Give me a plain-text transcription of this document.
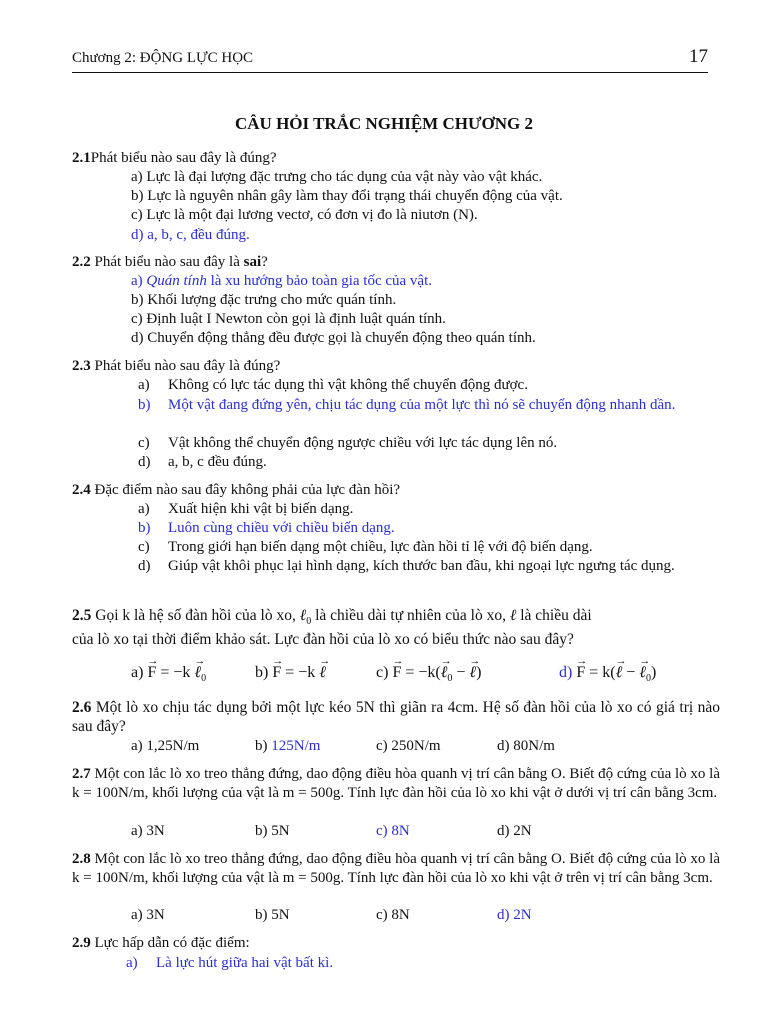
Chương 2: ĐỘNG LỰC HỌC	17
CÂU HỎI TRẮC NGHIỆM CHƯƠNG 2
2.1Phát biểu nào sau đây là đúng?
a) Lực là đại lượng đặc trưng cho tác dụng của vật này vào vật khác.
b) Lực là nguyên nhân gây làm thay đổi trạng thái chuyển động của vật.
c) Lực là một đại lương vectơ, có đơn vị đo là niutơn (N).
d) a, b, c, đều đúng.
2.2 Phát biểu nào sau đây là sai?
a) Quán tính là xu hướng bảo toàn gia tốc của vật.
b) Khối lượng đặc trưng cho mức quán tính.
c) Định luật I Newton còn gọi là định luật quán tính.
d) Chuyển động thẳng đều được gọi là chuyển động theo quán tính.
2.3 Phát biểu nào sau đây là đúng?
a) Không có lực tác dụng thì vật không thể chuyển động được.
b) Một vật đang đứng yên, chịu tác dụng của một lực thì nó sẽ chuyển động nhanh dần.
c) Vật không thể chuyển động ngược chiều với lực tác dụng lên nó.
d) a, b, c đều đúng.
2.4 Đặc điểm nào sau đây không phải của lực đàn hồi?
a) Xuất hiện khi vật bị biến dạng.
b) Luôn cùng chiều với chiều biến dạng.
c) Trong giới hạn biến dạng một chiều, lực đàn hồi tỉ lệ với độ biến dạng.
d) Giúp vật khôi phục lại hình dạng, kích thước ban đầu, khi ngoại lực ngưng tác dụng.
2.5 Gọi k là hệ số đàn hồi của lò xo, ℓ$_0$ là chiều dài tự nhiên của lò xo, ℓ là chiều dài
của lò xo tại thời điểm khảo sát. Lực đàn hồi của lò xo có biểu thức nào sau đây?
a) → F = −k → ℓ$_0$	b) → F = −k → ℓ	c) → F = −k(→ ℓ$_0$ − → ℓ)	d) → F = k(→ ℓ − → ℓ$_0$)
2.6 Một lò xo chịu tác dụng bởi một lực kéo 5N thì giãn ra 4cm. Hệ số đàn hồi của lò xo có giá trị nào sau đây?
a) 1,25N/m	b) 125N/m	c) 250N/m	d) 80N/m
2.7 Một con lắc lò xo treo thẳng đứng, dao động điều hòa quanh vị trí cân bằng O. Biết độ cứng của lò xo là k = 100N/m, khối lượng của vật là m = 500g. Tính lực đàn hồi của lò xo khi vật ở dưới vị trí cân bằng 3cm.
a) 3N	b) 5N	c) 8N	d) 2N
2.8 Một con lắc lò xo treo thẳng đứng, dao động điều hòa quanh vị trí cân bằng O. Biết độ cứng của lò xo là k = 100N/m, khối lượng của vật là m = 500g. Tính lực đàn hồi của lò xo khi vật ở trên vị trí cân bằng 3cm.
a) 3N	b) 5N	c) 8N	d) 2N
2.9 Lực hấp dẫn có đặc điểm:
a) Là lực hút giữa hai vật bất kì.
